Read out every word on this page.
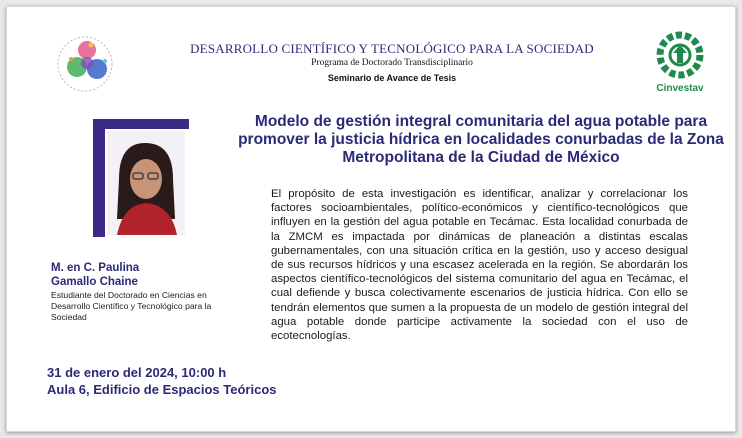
Cinvestav
DESARROLLO CIENTÍFICO Y TECNOLÓGICO PARA LA SOCIEDAD
Programa de Doctorado Transdisciplinario
Seminario de Avance de Tesis
Modelo de gestión integral comunitaria del agua potable para promover la justicia hídrica en localidades conurbadas de la Zona Metropolitana de la Ciudad de México
M. en C. Paulina
Gamallo Chaine
Estudiante del Doctorado en Ciencias en Desarrollo Científico y Tecnológico para la Sociedad
El propósito de esta investigación es identificar, analizar y correlacionar los factores socioambientales, político-económicos y científico-tecnológicos que influyen en la gestión del agua potable en Tecámac. Esta localidad conurbada de la ZMCM es impactada por dinámicas de planeación a distintas escalas gubernamentales, con una situación crítica en la gestión, uso y acceso desigual de sus recursos hídricos y una escasez acelerada en la región. Se abordarán los aspectos científico-tecnológicos del sistema comunitario del agua en Tecámac, el cual defiende y busca colectivamente escenarios de justicia hídrica. Con ello se tendrán elementos que sumen a la propuesta de un modelo de gestión integral del agua potable donde participe activamente la sociedad con el uso de ecotecnologías.
31 de enero del 2024, 10:00 h
Aula 6, Edificio de Espacios Teóricos
